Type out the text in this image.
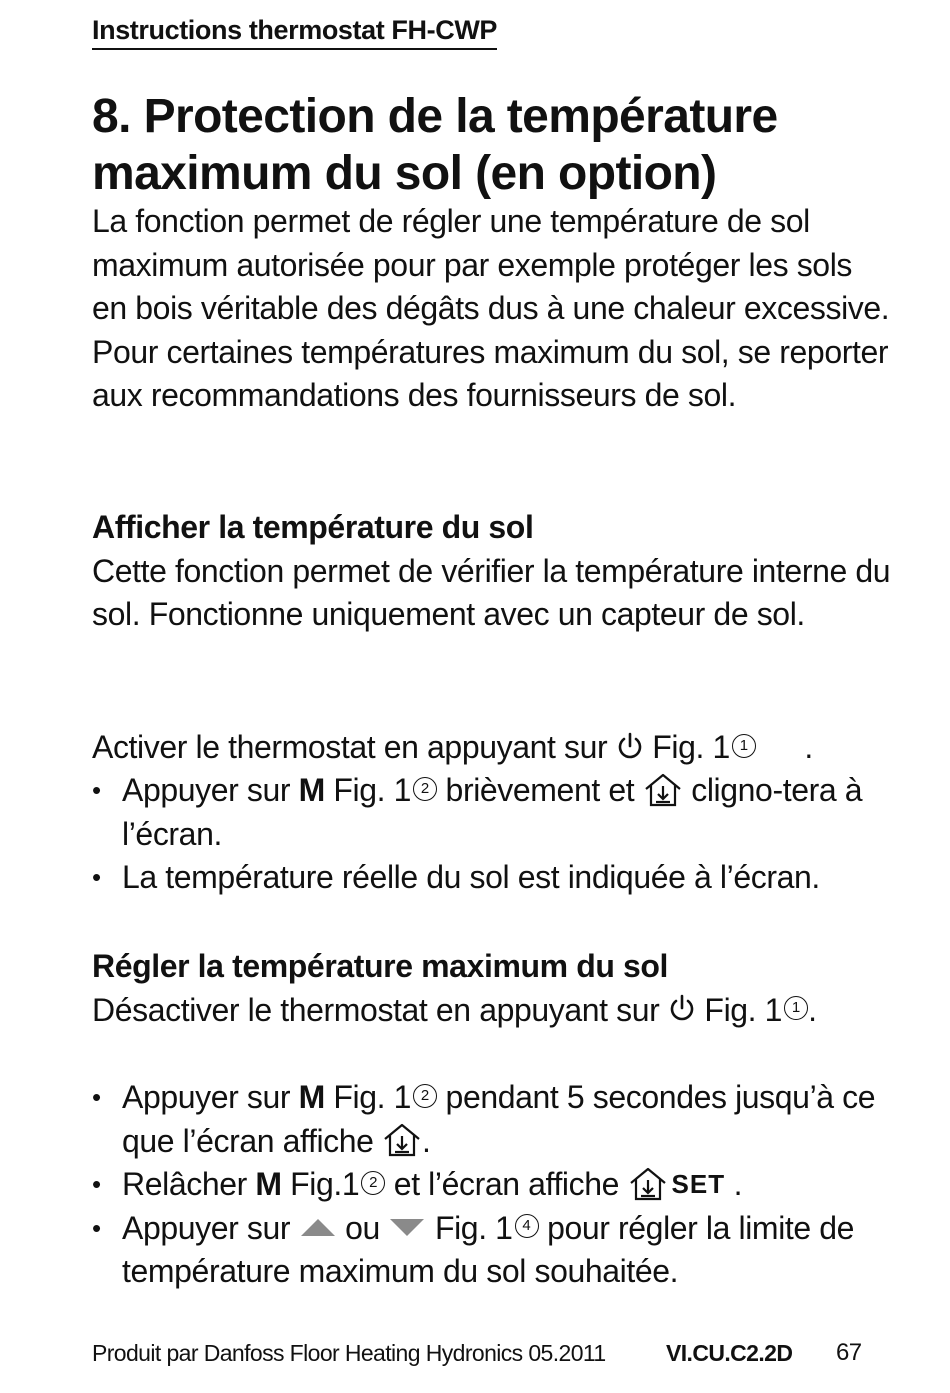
Instructions thermostat FH-CWP
8. Protection de la température maximum du sol (en option)

La fonction permet de régler une température de sol maximum autorisée pour par exemple protéger les sols en bois véritable des dégâts dus à une chaleur excessive. Pour certaines températures maximum du sol, se reporter aux recommandations des fournisseurs de sol.

Afficher la température du sol

Cette fonction permet de vérifier la température interne du sol. Fonctionne uniquement avec un capteur de sol.

Activer le thermostat en appuyant sur Fig. 1 1 .

• Appuyer sur M Fig. 1 2 brièvement et cligno-tera à l’écran.
• La température réelle du sol est indiquée à l’écran.

Régler la température maximum du sol

Désactiver le thermostat en appuyant sur Fig. 1 1 .

• Appuyer sur M Fig. 1 2 pendant 5 secondes jusqu’à ce que l’écran affiche .
• Relâcher M Fig.1 2 et l’écran affiche $^{SET}$ .
• Appuyer sur ou Fig. 1 4 pour régler la limite de température maximum du sol souhaitée.
Produit par Danfoss Floor Heating Hydronics 05.2011	VI.CU.C2.2D 67
